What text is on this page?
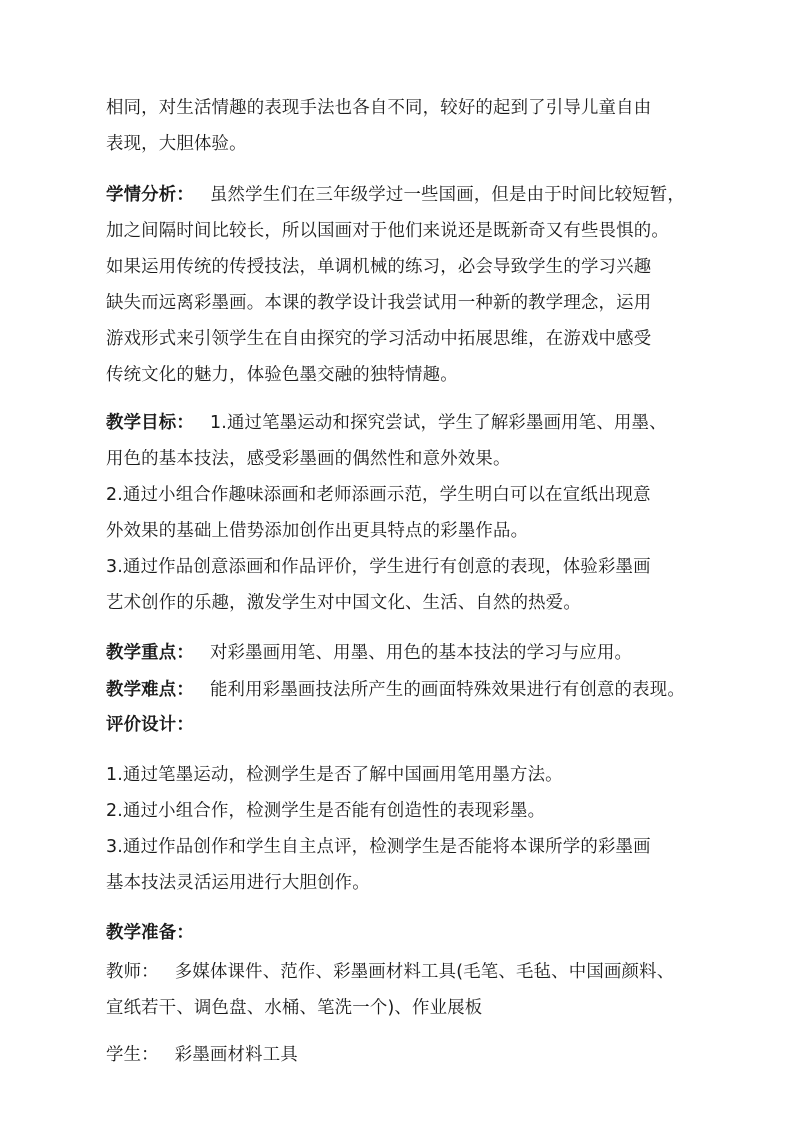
相同，对生活情趣的表现手法也各自不同，较好的起到了引导儿童自由
表现，大胆体验。
学情分析： 虽然学生们在三年级学过一些国画，但是由于时间比较短暂，
加之间隔时间比较长，所以国画对于他们来说还是既新奇又有些畏惧的。
如果运用传统的传授技法，单调机械的练习，必会导致学生的学习兴趣
缺失而远离彩墨画。本课的教学设计我尝试用一种新的教学理念，运用
游戏形式来引领学生在自由探究的学习活动中拓展思维，在游戏中感受
传统文化的魅力，体验色墨交融的独特情趣。
教学目标： 1.通过笔墨运动和探究尝试，学生了解彩墨画用笔、用墨、
用色的基本技法，感受彩墨画的偶然性和意外效果。
2.通过小组合作趣味添画和老师添画示范，学生明白可以在宣纸出现意
外效果的基础上借势添加创作出更具特点的彩墨作品。
3.通过作品创意添画和作品评价，学生进行有创意的表现，体验彩墨画
艺术创作的乐趣，激发学生对中国文化、生活、自然的热爱。
教学重点： 对彩墨画用笔、用墨、用色的基本技法的学习与应用。
教学难点： 能利用彩墨画技法所产生的画面特殊效果进行有创意的表现。
评价设计：
1.通过笔墨运动，检测学生是否了解中国画用笔用墨方法。
2.通过小组合作，检测学生是否能有创造性的表现彩墨。
3.通过作品创作和学生自主点评，检测学生是否能将本课所学的彩墨画
基本技法灵活运用进行大胆创作。
教学准备：
教师： 多媒体课件、范作、彩墨画材料工具(毛笔、毛毡、中国画颜料、
宣纸若干、调色盘、水桶、笔洗一个)、作业展板
学生： 彩墨画材料工具
